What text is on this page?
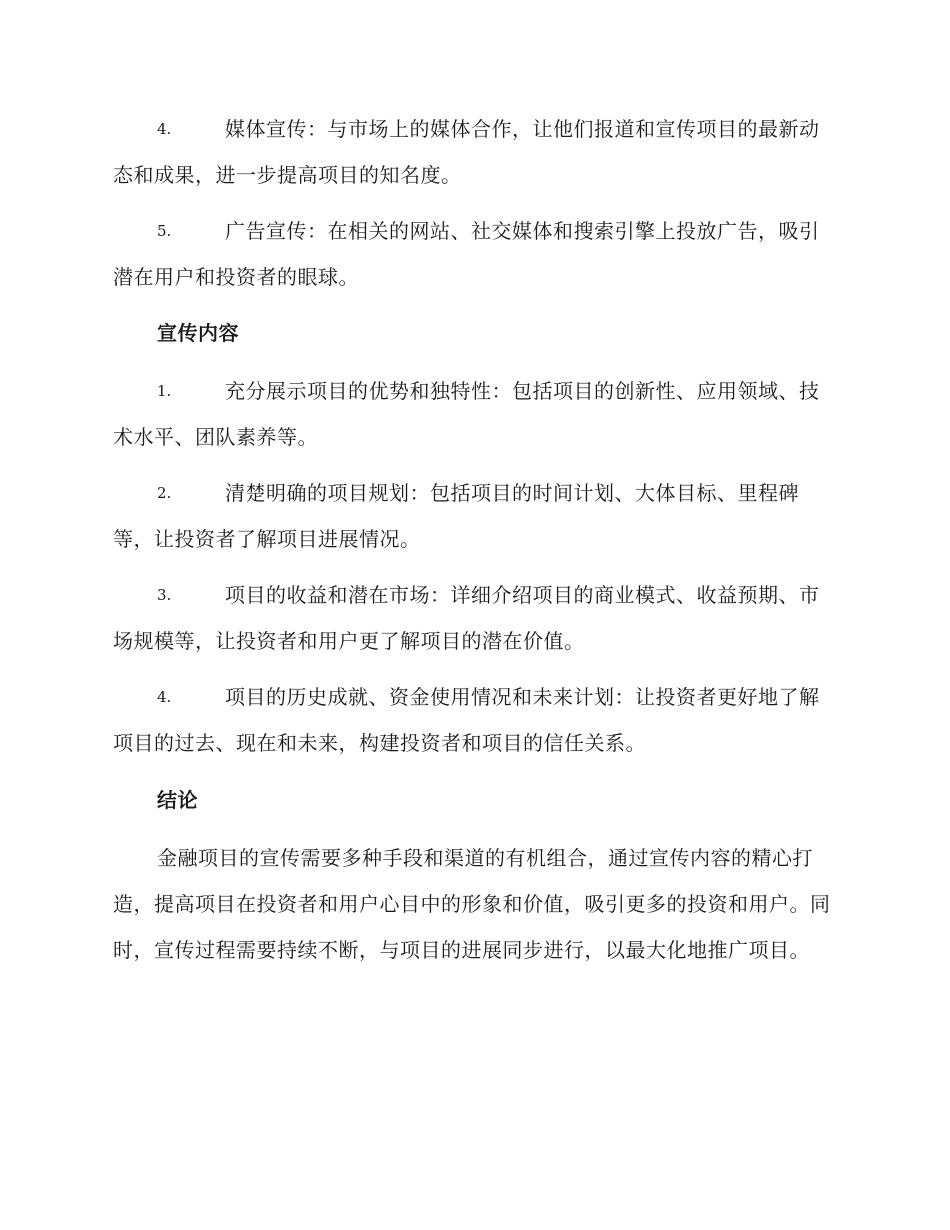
4.	媒体宣传：与市场上的媒体合作，让他们报道和宣传项目的最新动态和成果，进一步提高项目的知名度。
5.	广告宣传：在相关的网站、社交媒体和搜索引擎上投放广告，吸引潜在用户和投资者的眼球。
宣传内容
1.	充分展示项目的优势和独特性：包括项目的创新性、应用领域、技术水平、团队素养等。
2.	清楚明确的项目规划：包括项目的时间计划、大体目标、里程碑等，让投资者了解项目进展情况。
3.	项目的收益和潜在市场：详细介绍项目的商业模式、收益预期、市场规模等，让投资者和用户更了解项目的潜在价值。
4.	项目的历史成就、资金使用情况和未来计划：让投资者更好地了解项目的过去、现在和未来，构建投资者和项目的信任关系。
结论
金融项目的宣传需要多种手段和渠道的有机组合，通过宣传内容的精心打造，提高项目在投资者和用户心目中的形象和价值，吸引更多的投资和用户。同时，宣传过程需要持续不断，与项目的进展同步进行，以最大化地推广项目。
